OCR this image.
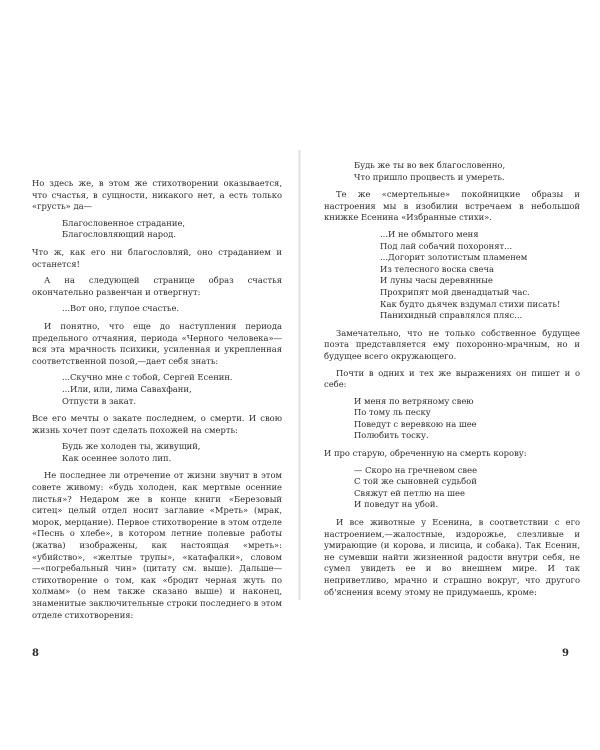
Но здесь же, в этом же стихотворении оказывается, что счастья, в сущности, никакого нет, а есть только «грусть» да—
Благословенное страдание,
Благословляющий народ.
Что ж, как его ни благословляй, оно страданием и останется!
А на следующей странице образ счастья окончательно развенчан и отвергнут:
...Вот оно, глупое счастье.
И понятно, что еще до наступления периода предельного отчаяния, периода «Черного человека»—вся эта мрачность психики, усиленная и укрепленная соответственной позой,—дает себя знать:
...Скучно мне с тобой, Сергей Есенин.
...Или, или, лима Савахфани,
Отпусти в закат.
Все его мечты о закате последнем, о смерти. И свою жизнь хочет поэт сделать похожей на смерть:
Будь же холоден ты, живущий,
Как осеннее золото лип.
Не последнее ли отречение от жизни звучит в этом совете живому: «будь холоден, как мертвые осенние листья»? Недаром же в конце книги «Березовый ситец» целый отдел носит заглавие «Мреть» (мрак, морок, мерцание). Первое стихотворение в этом отделе «Песнь о хлебе», в котором летние полевые работы (жатва) изображены, как настоящая «мреть»: «убийство», «желтые трупы», «катафалки», словом—«погребальный чин» (цитату см. выше). Дальше—стихотворение о том, как «бродит черная жуть по холмам» (о нем также сказано выше) и наконец, знаменитые заключительные строки последнего в этом отделе стихотворения:
8
Будь же ты во век благословенно,
Что пришло процвесть и умереть.
Те же «смертельные» покойницкие образы и настроения мы в изобилии встречаем в небольшой книжке Есенина «Избранные стихи».
...И не обмытого меня
Под лай собачий похоронят...
...Догорит золотистым пламенем
Из телесного воска свеча
И луны часы деревянные
Прохрипят мой двенадцатый час.
Как будто дьячек вздумал стихи писать!
Панихидный справлялся пляс...
Замечательно, что не только собственное будущее поэта представляется ему похоронно-мрачным, но и будущее всего окружающего.
Почти в одних и тех же выражениях он пишет и о себе:
И меня по ветряному свею
По тому ль песку
Поведут с веревкою на шее
Полюбить тоску.
И про старую, обреченную на смерть корову:
— Скоро на гречневом свее
С той же сыновней судьбой
Свяжут ей петлю на шее
И поведут на убой.
И все животные у Есенина, в соответствии с его настроением,—жалостные, издорожье, слезливые и умирающие (и корова, и лисица, и собака). Так Есенин, не сумевши найти жизненной радости внутри себя, не сумел увидеть ее и во внешнем мире. И так неприветливо, мрачно и страшно вокруг, что другого об'яснения всему этому не придумаешь, кроме:
9
